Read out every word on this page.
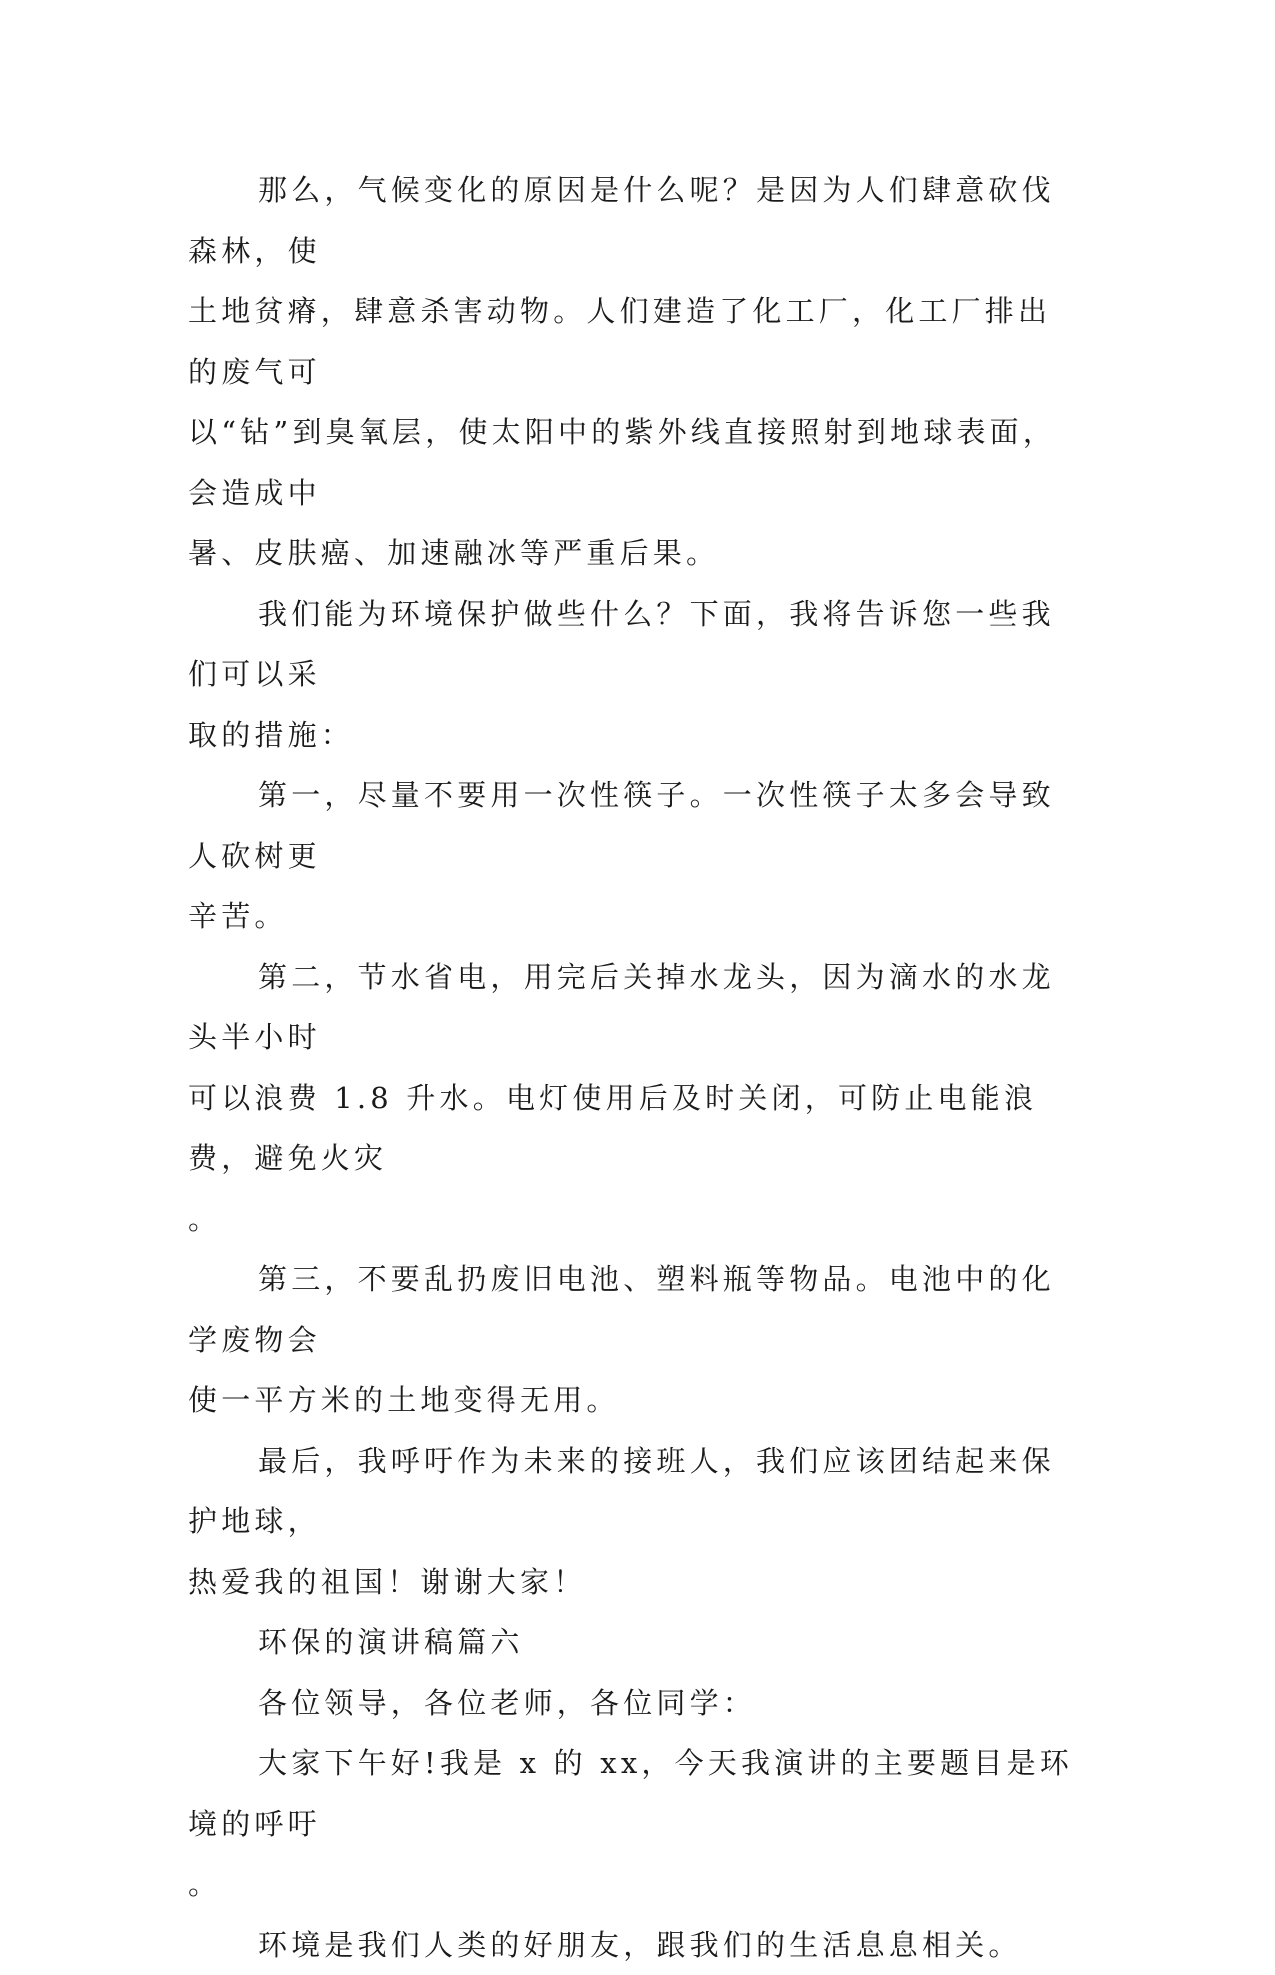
那么，气候变化的原因是什么呢？是因为人们肆意砍伐森林，使
土地贫瘠，肆意杀害动物。人们建造了化工厂，化工厂排出的废气可
以“钻”到臭氧层，使太阳中的紫外线直接照射到地球表面，会造成中
暑、皮肤癌、加速融冰等严重后果。

我们能为环境保护做些什么？下面，我将告诉您一些我们可以采
取的措施：

第一，尽量不要用一次性筷子。一次性筷子太多会导致人砍树更
辛苦。

第二，节水省电，用完后关掉水龙头，因为滴水的水龙头半小时
可以浪费 1.8 升水。电灯使用后及时关闭，可防止电能浪费，避免火灾
。

第三，不要乱扔废旧电池、塑料瓶等物品。电池中的化学废物会
使一平方米的土地变得无用。

最后，我呼吁作为未来的接班人，我们应该团结起来保护地球，
热爱我的祖国！谢谢大家！

环保的演讲稿篇六

各位领导，各位老师，各位同学：

大家下午好!我是 x 的 xx，今天我演讲的主要题目是环境的呼吁
。

环境是我们人类的好朋友，跟我们的生活息息相关。
